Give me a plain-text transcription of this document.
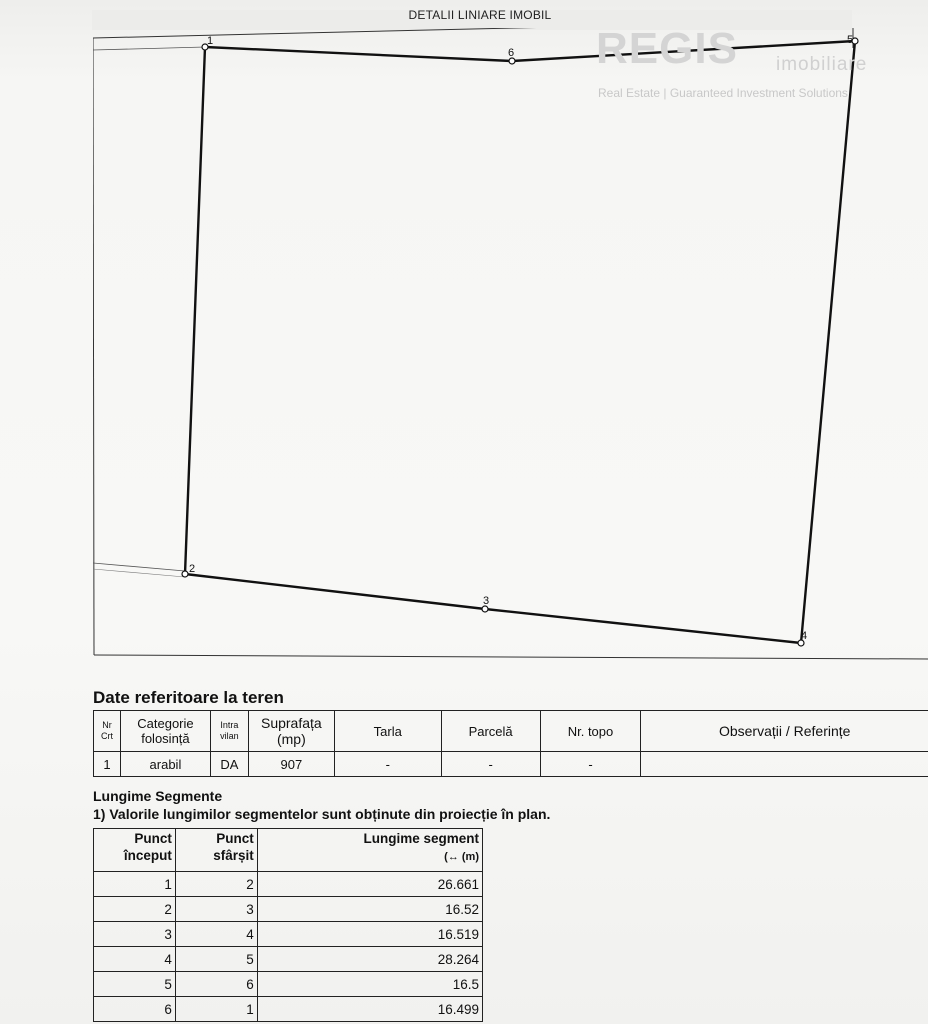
DETALII LINIARE IMOBIL
1
2
3
4
5
6 REGIS imobiliare
Real Estate | Guaranteed Investment Solutions
Date referitoare la teren
Nr Crt	Categorie folosință	Intra vilan	Suprafața (mp)	Tarla	Parcelă	Nr. topo	Observații / Referințe
1	arabil	DA	907	-	-	-	
Lungime Segmente
1) Valorile lungimilor segmentelor sunt obținute din proiecție în plan.
Punct început	Punct sfârșit	Lungime segment
(↔ (m)
1	2	26.661
2	3	16.52
3	4	16.519
4	5	28.264
5	6	16.5
6	1	16.499
